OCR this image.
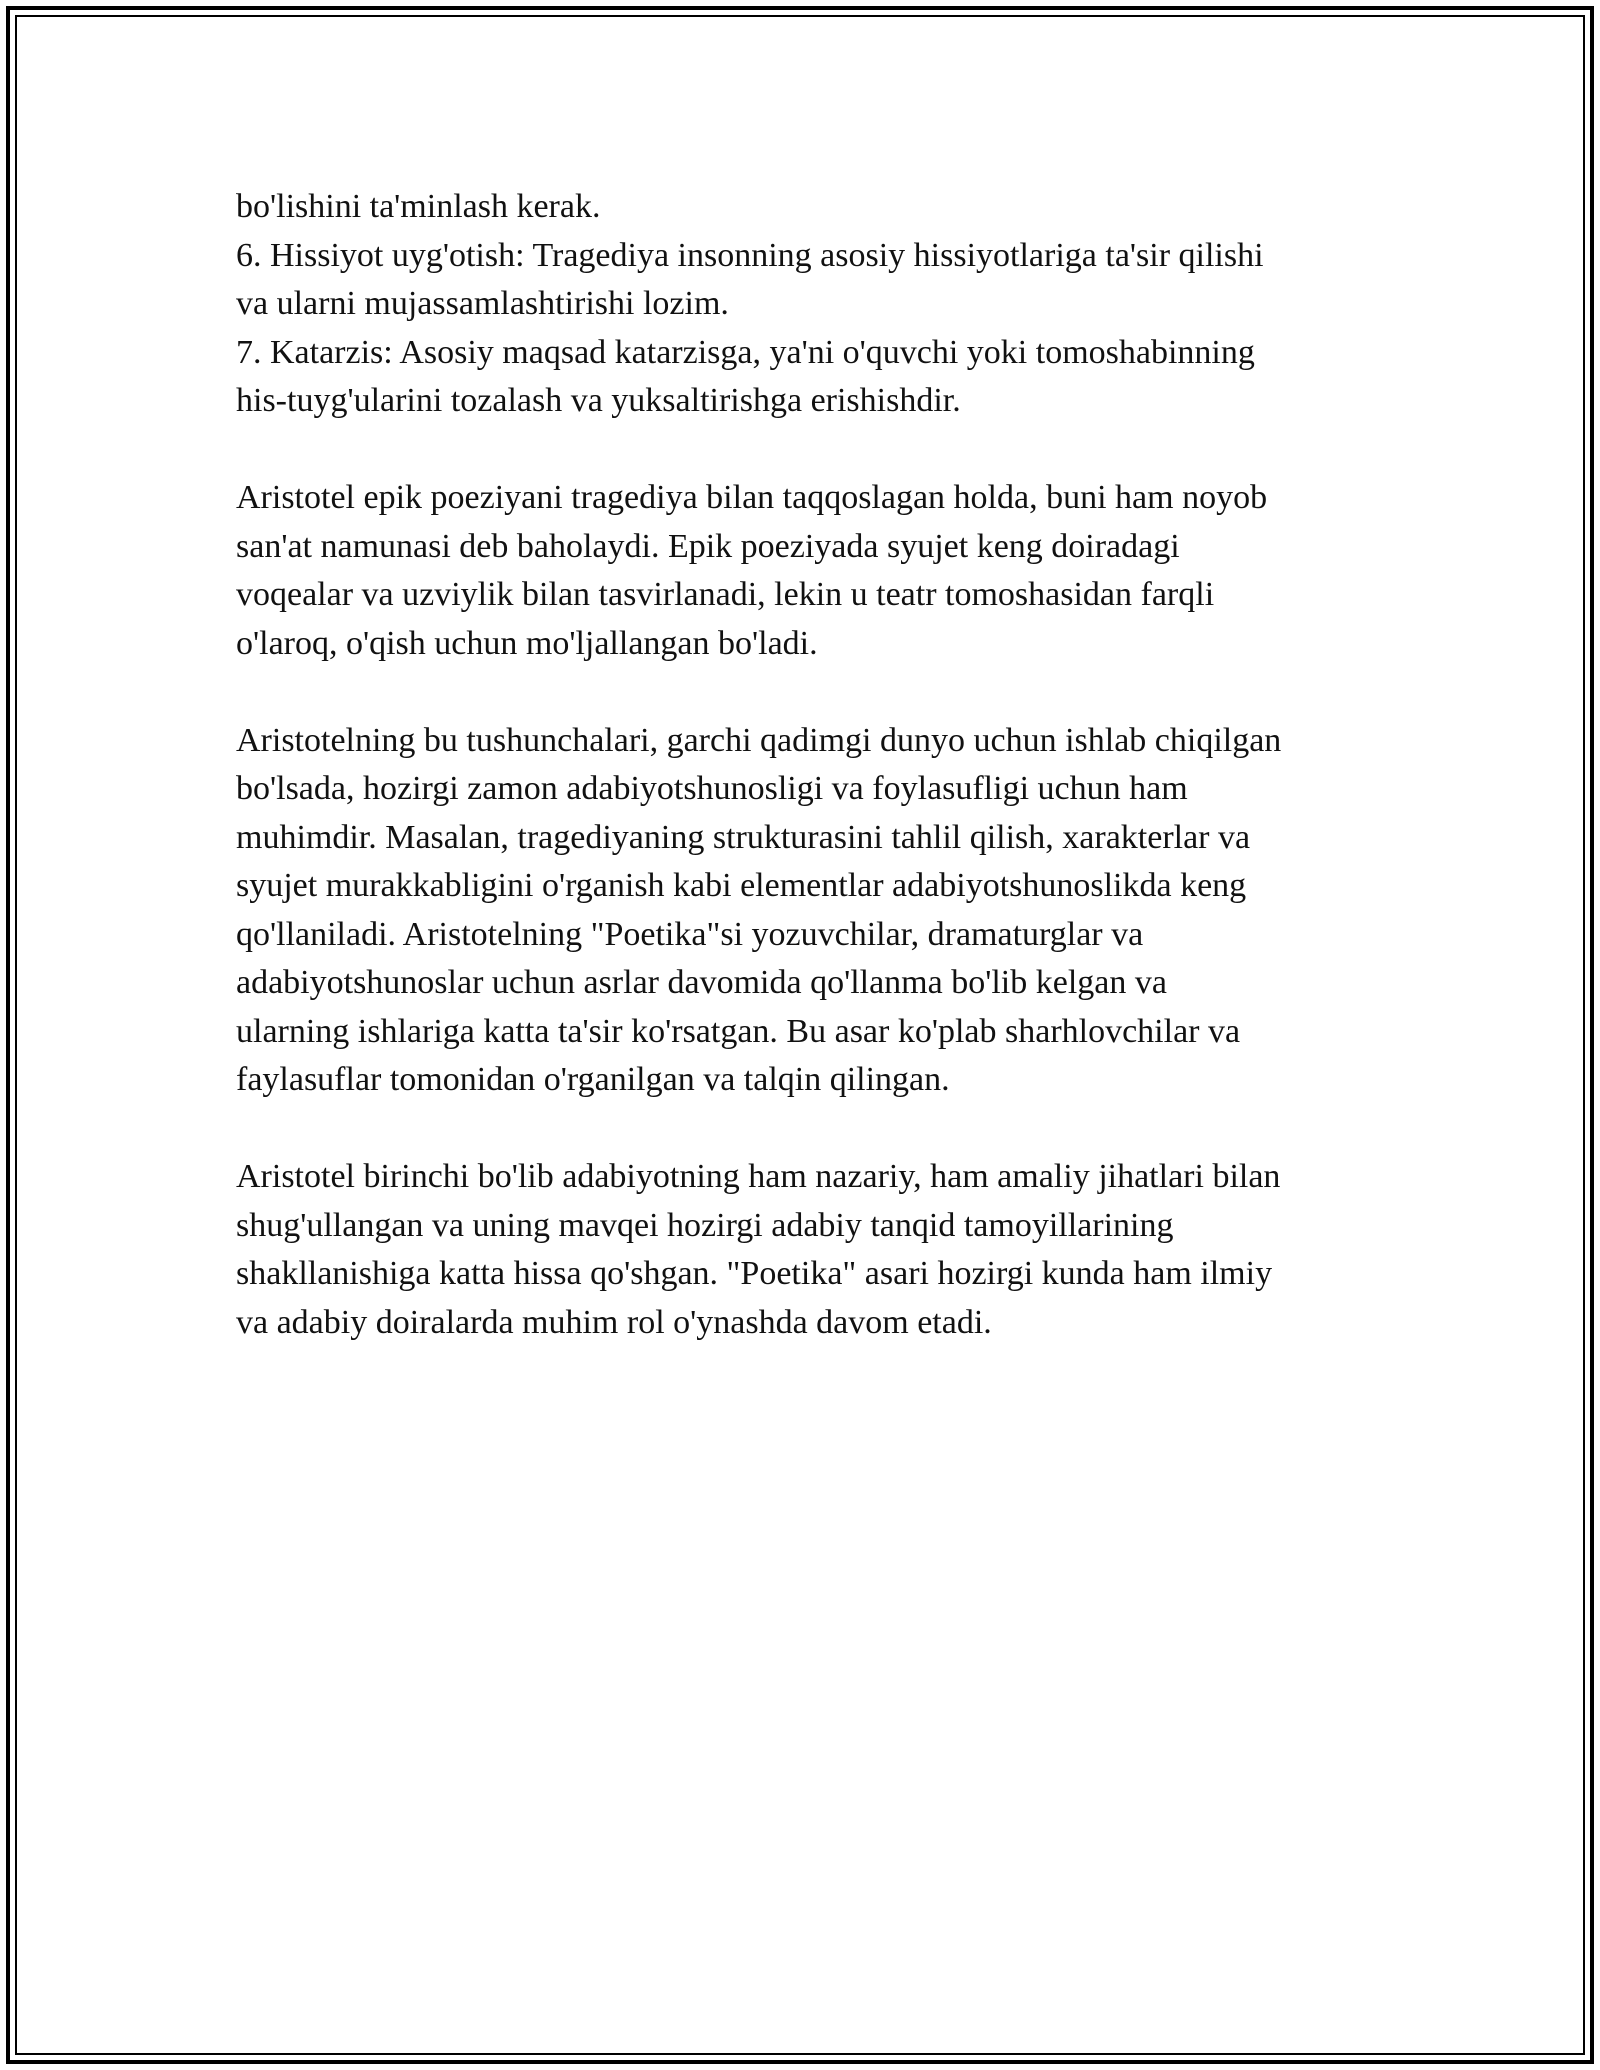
bo'lishini ta'minlash kerak.
6. Hissiyot uyg'otish: Tragediya insonning asosiy hissiyotlariga ta'sir qilishi
va ularni mujassamlashtirishi lozim.
7. Katarzis: Asosiy maqsad katarzisga, ya'ni o'quvchi yoki tomoshabinning
his-tuyg'ularini tozalash va yuksaltirishga erishishdir.

Aristotel epik poeziyani tragediya bilan taqqoslagan holda, buni ham noyob
san'at namunasi deb baholaydi. Epik poeziyada syujet keng doiradagi
voqealar va uzviylik bilan tasvirlanadi, lekin u teatr tomoshasidan farqli
o'laroq, o'qish uchun mo'ljallangan bo'ladi.

Aristotelning bu tushunchalari, garchi qadimgi dunyo uchun ishlab chiqilgan
bo'lsada, hozirgi zamon adabiyotshunosligi va foylasufligi uchun ham
muhimdir. Masalan, tragediyaning strukturasini tahlil qilish, xarakterlar va
syujet murakkabligini o'rganish kabi elementlar adabiyotshunoslikda keng
qo'llaniladi. Aristotelning "Poetika"si yozuvchilar, dramaturglar va
adabiyotshunoslar uchun asrlar davomida qo'llanma bo'lib kelgan va
ularning ishlariga katta ta'sir ko'rsatgan. Bu asar ko'plab sharhlovchilar va
faylasuflar tomonidan o'rganilgan va talqin qilingan.

Aristotel birinchi bo'lib adabiyotning ham nazariy, ham amaliy jihatlari bilan
shug'ullangan va uning mavqei hozirgi adabiy tanqid tamoyillarining
shakllanishiga katta hissa qo'shgan. "Poetika" asari hozirgi kunda ham ilmiy
va adabiy doiralarda muhim rol o'ynashda davom etadi.
